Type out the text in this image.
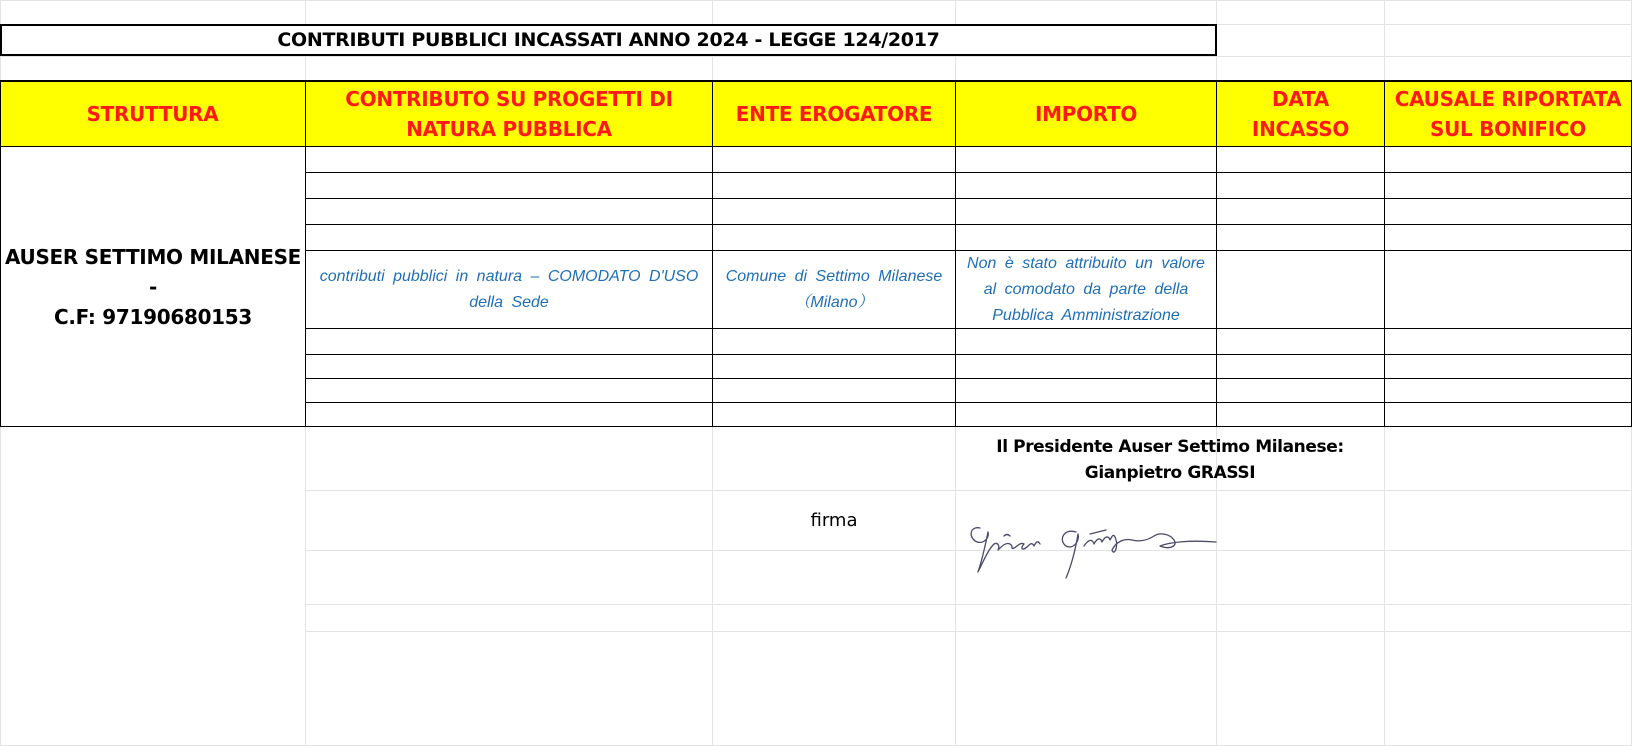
CONTRIBUTI PUBBLICI INCASSATI ANNO 2024 - LEGGE 124/2017
STRUTTURA
CONTRIBUTO SU PROGETTI DI NATURA PUBBLICA
ENTE EROGATORE	IMPORTO
DATA INCASSO
CAUSALE RIPORTATA SUL BONIFICO
AUSER SETTIMO MILANESE -
C.F: 97190680153
contributi pubblici in natura – COMODATO D'USO della Sede
Comune di Settimo Milanese （Milano）
Non è stato attribuito un valore al comodato da parte della Pubblica Amministrazione
Il Presidente Auser Settimo Milanese: Gianpietro GRASSI
firma
